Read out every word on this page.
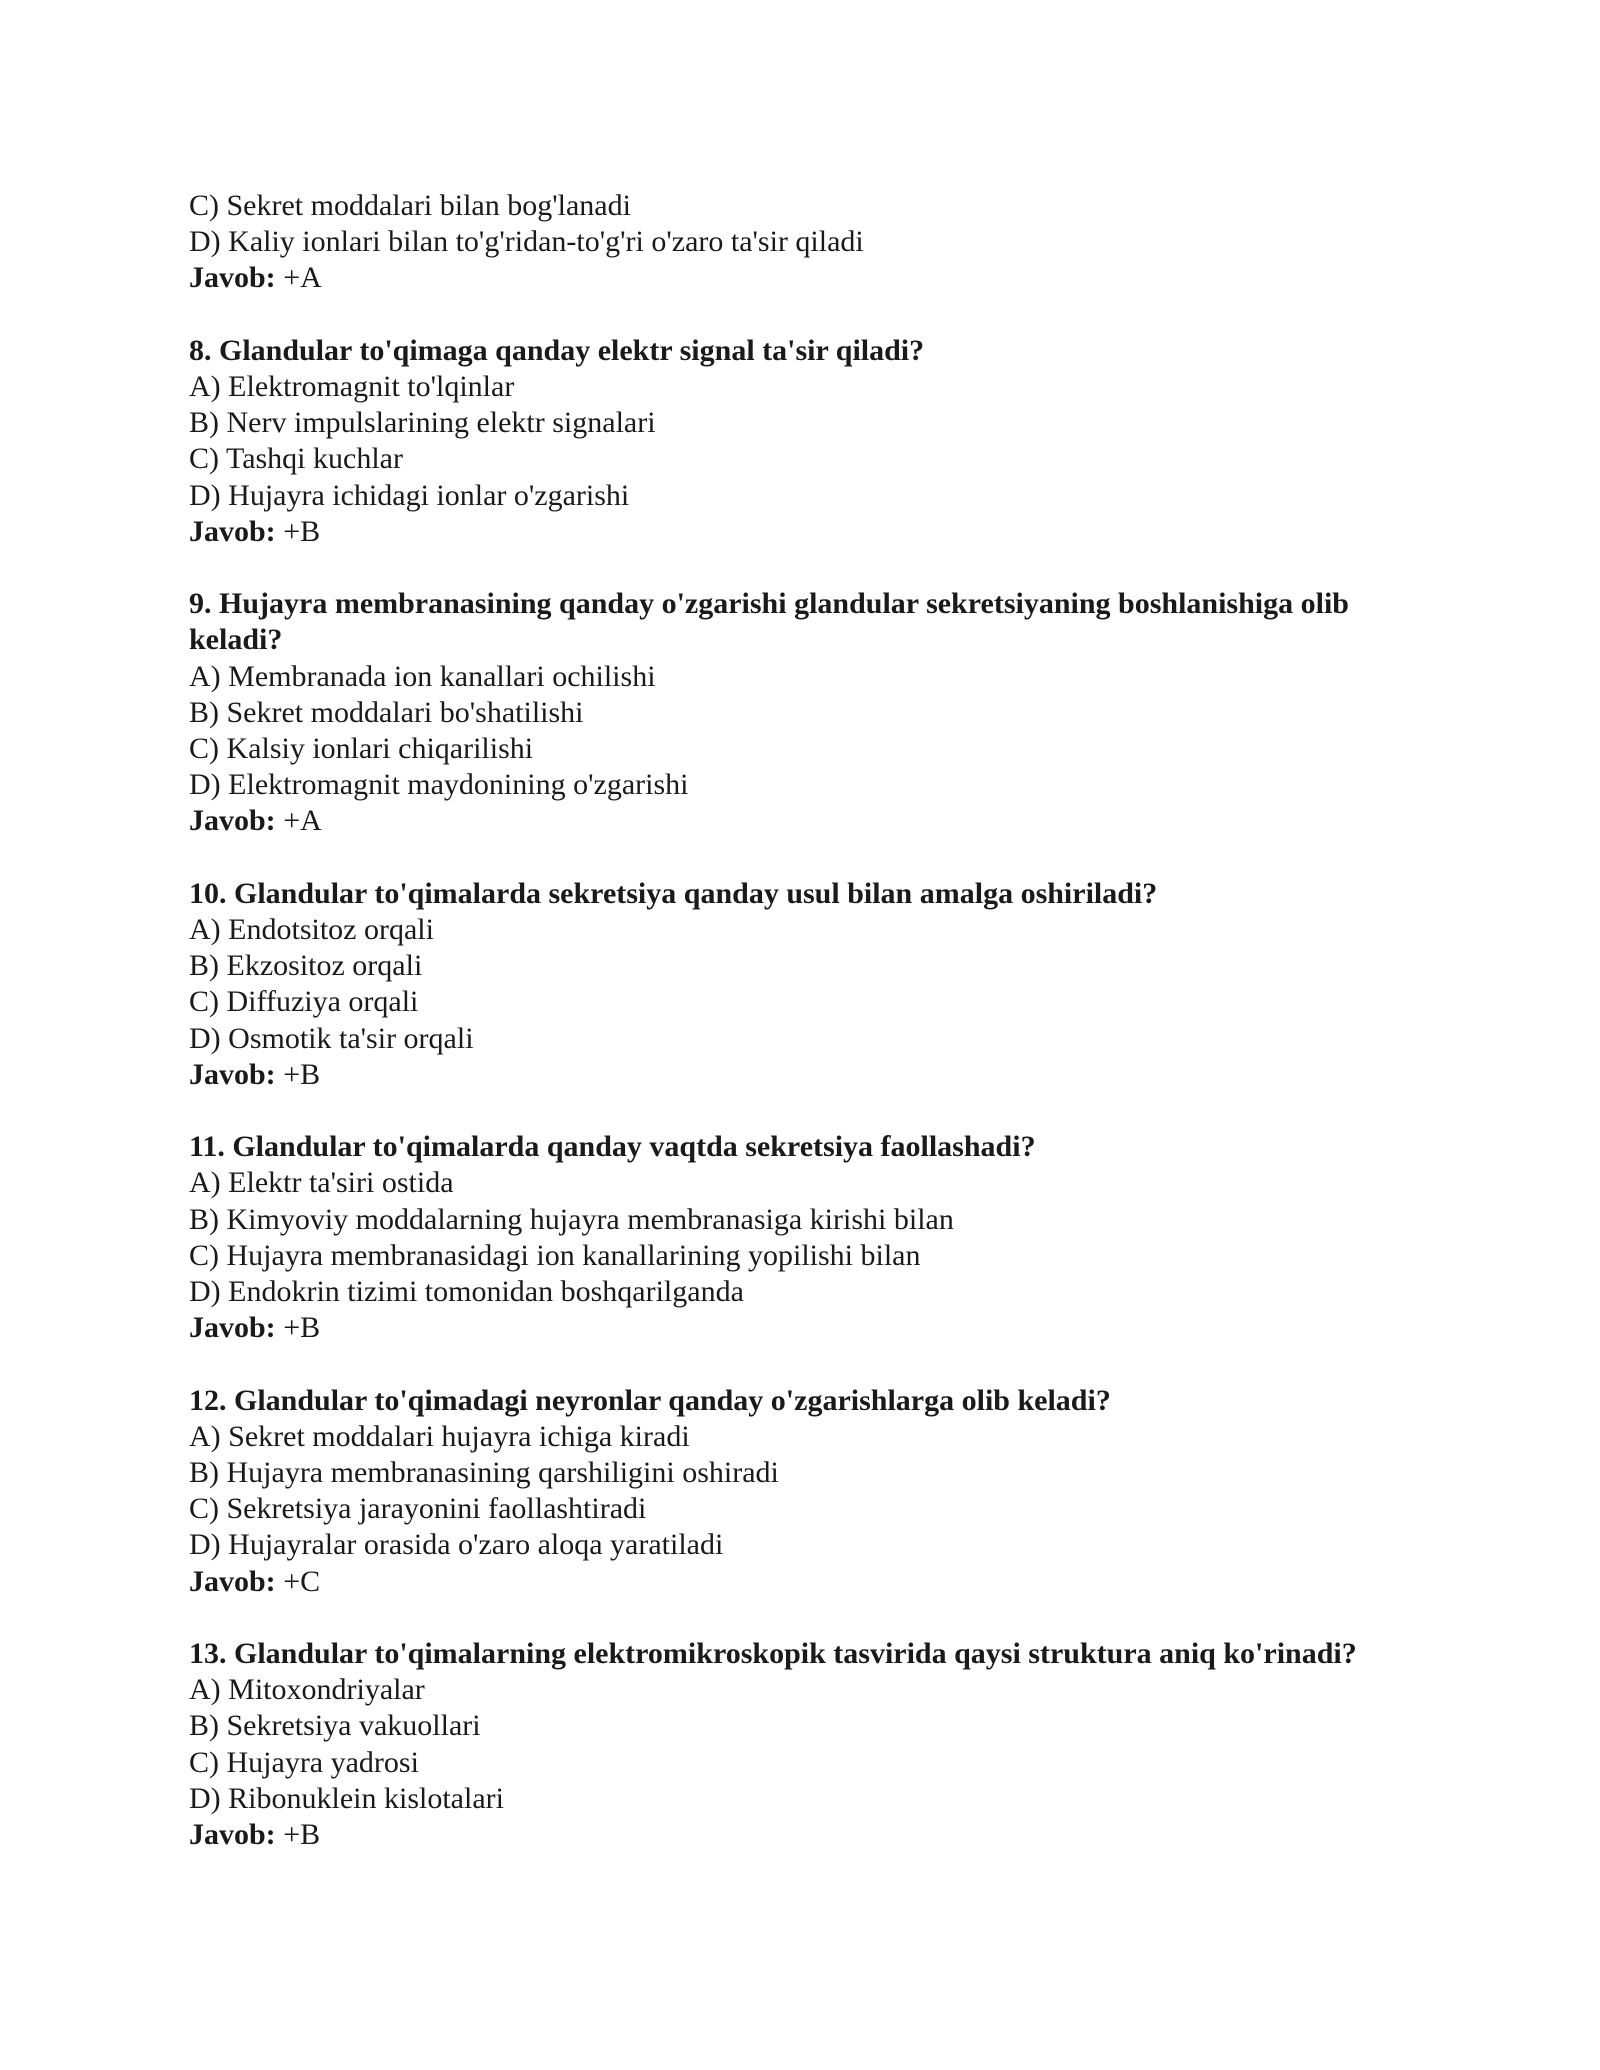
C) Sekret moddalari bilan bog'lanadi
D) Kaliy ionlari bilan to'g'ridan-to'g'ri o'zaro ta'sir qiladi
Javob: +A
8. Glandular to'qimaga qanday elektr signal ta'sir qiladi?
A) Elektromagnit to'lqinlar
B) Nerv impulslarining elektr signalari
C) Tashqi kuchlar
D) Hujayra ichidagi ionlar o'zgarishi
Javob: +B
9. Hujayra membranasining qanday o'zgarishi glandular sekretsiyaning boshlanishiga olib keladi?
A) Membranada ion kanallari ochilishi
B) Sekret moddalari bo'shatilishi
C) Kalsiy ionlari chiqarilishi
D) Elektromagnit maydonining o'zgarishi
Javob: +A
10. Glandular to'qimalarda sekretsiya qanday usul bilan amalga oshiriladi?
A) Endotsitoz orqali
B) Ekzositoz orqali
C) Diffuziya orqali
D) Osmotik ta'sir orqali
Javob: +B
11. Glandular to'qimalarda qanday vaqtda sekretsiya faollashadi?
A) Elektr ta'siri ostida
B) Kimyoviy moddalarning hujayra membranasiga kirishi bilan
C) Hujayra membranasidagi ion kanallarining yopilishi bilan
D) Endokrin tizimi tomonidan boshqarilganda
Javob: +B
12. Glandular to'qimadagi neyronlar qanday o'zgarishlarga olib keladi?
A) Sekret moddalari hujayra ichiga kiradi
B) Hujayra membranasining qarshiligini oshiradi
C) Sekretsiya jarayonini faollashtiradi
D) Hujayralar orasida o'zaro aloqa yaratiladi
Javob: +C
13. Glandular to'qimalarning elektromikroskopik tasvirida qaysi struktura aniq ko'rinadi?
A) Mitoxondriyalar
B) Sekretsiya vakuollari
C) Hujayra yadrosi
D) Ribonuklein kislotalari
Javob: +B
